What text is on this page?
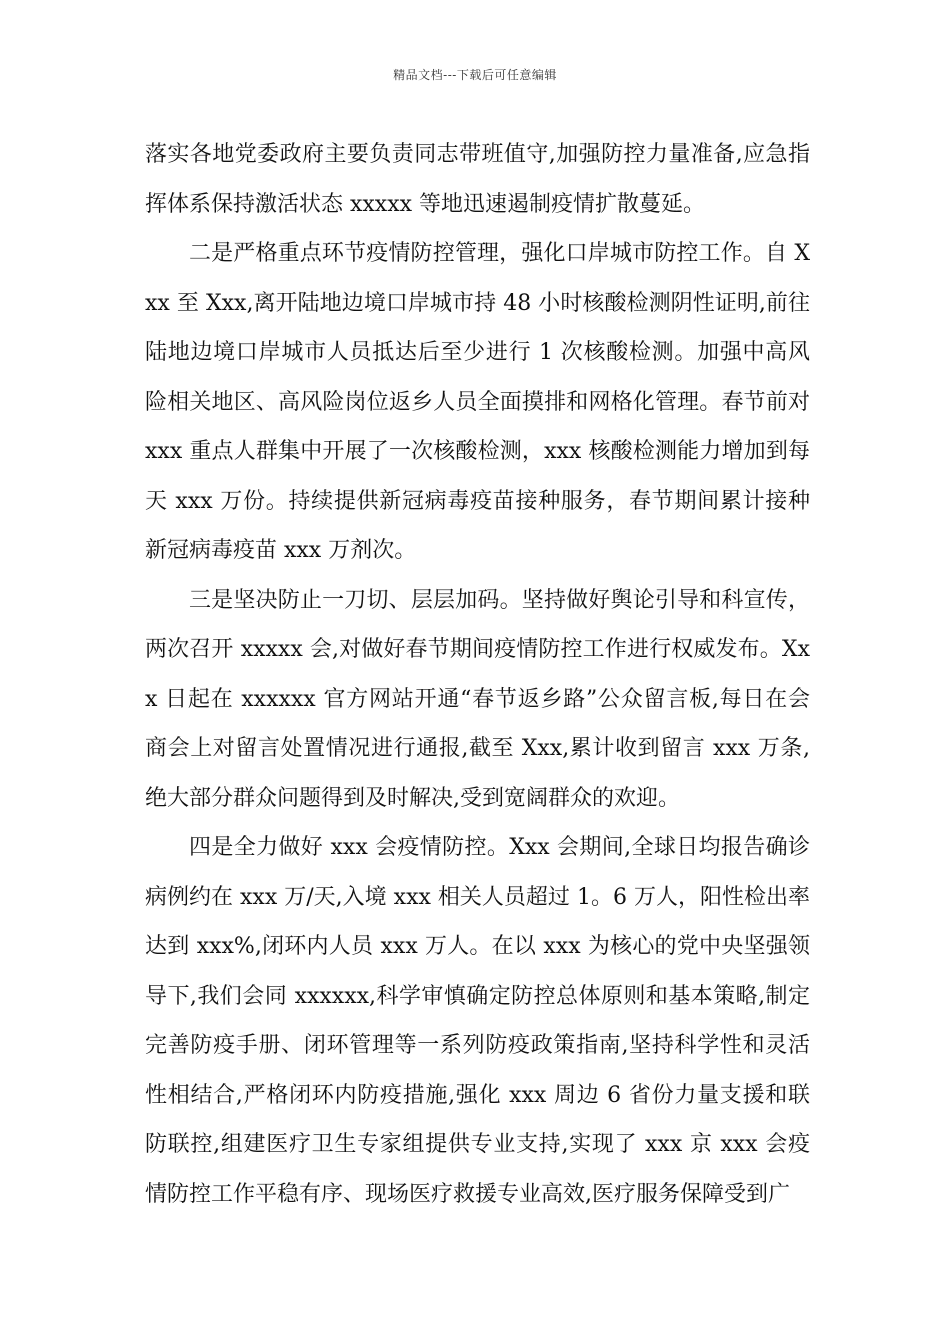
精品文档---下载后可任意编辑

落实各地党委政府主要负责同志带班值守,加强防控力量准备,应急指挥体系保持激活状态 xxxxx 等地迅速遏制疫情扩散蔓延。

二是严格重点环节疫情防控管理，强化口岸城市防控工作。自 Xxx 至 Xxx,离开陆地边境口岸城市持 48 小时核酸检测阴性证明,前往陆地边境口岸城市人员抵达后至少进行 1 次核酸检测。加强中高风险相关地区、高风险岗位返乡人员全面摸排和网格化管理。春节前对 xxx 重点人群集中开展了一次核酸检测，xxx 核酸检测能力增加到每天 xxx 万份。持续提供新冠病毒疫苗接种服务，春节期间累计接种新冠病毒疫苗 xxx 万剂次。

三是坚决防止一刀切、层层加码。坚持做好舆论引导和科宣传，两次召开 xxxxx 会,对做好春节期间疫情防控工作进行权威发布。Xxx 日起在 xxxxxx 官方网站开通“春节返乡路”公众留言板,每日在会商会上对留言处置情况进行通报,截至 Xxx,累计收到留言 xxx 万条,绝大部分群众问题得到及时解决,受到宽阔群众的欢迎。

四是全力做好 xxx 会疫情防控。Xxx 会期间,全球日均报告确诊病例约在 xxx 万/天,入境 xxx 相关人员超过 1。6 万人，阳性检出率达到 xxx%,闭环内人员 xxx 万人。在以 xxx 为核心的党中央坚强领导下,我们会同 xxxxxx,科学审慎确定防控总体原则和基本策略,制定完善防疫手册、闭环管理等一系列防疫政策指南,坚持科学性和灵活性相结合,严格闭环内防疫措施,强化 xxx 周边 6 省份力量支援和联防联控,组建医疗卫生专家组提供专业支持,实现了 xxx 京 xxx 会疫情防控工作平稳有序、现场医疗救援专业高效,医疗服务保障受到广
